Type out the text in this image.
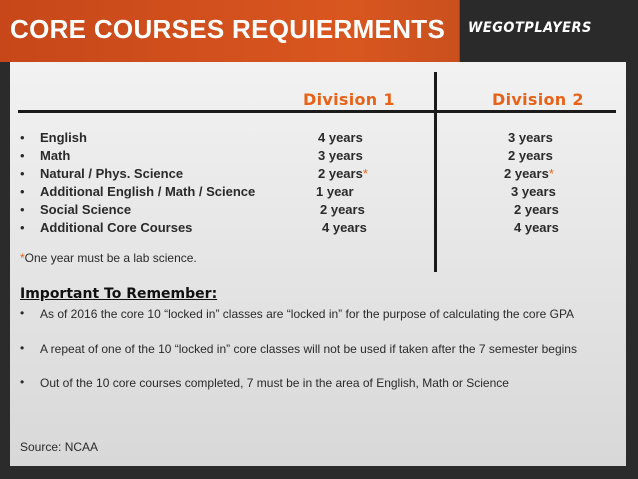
CORE COURSES REQUIERMENTS WEGOTPLAYERS
Division 1	Division 2
• English	4 years	3 years
• Math	3 years	2 years
• Natural / Phys. Science	2 years*	2 years*
• Additional English / Math / Science	1 year	3 years
• Social Science	2 years	2 years
• Additional Core Courses	4 years	4 years
*One year must be a lab science.
Important To Remember:
• As of 2016 the core 10 “locked in” classes are “locked in” for the purpose of calculating the core GPA
• A repeat of one of the 10 “locked in” core classes will not be used if taken after the 7 semester begins
• Out of the 10 core courses completed, 7 must be in the area of English, Math or Science
Source: NCAA
